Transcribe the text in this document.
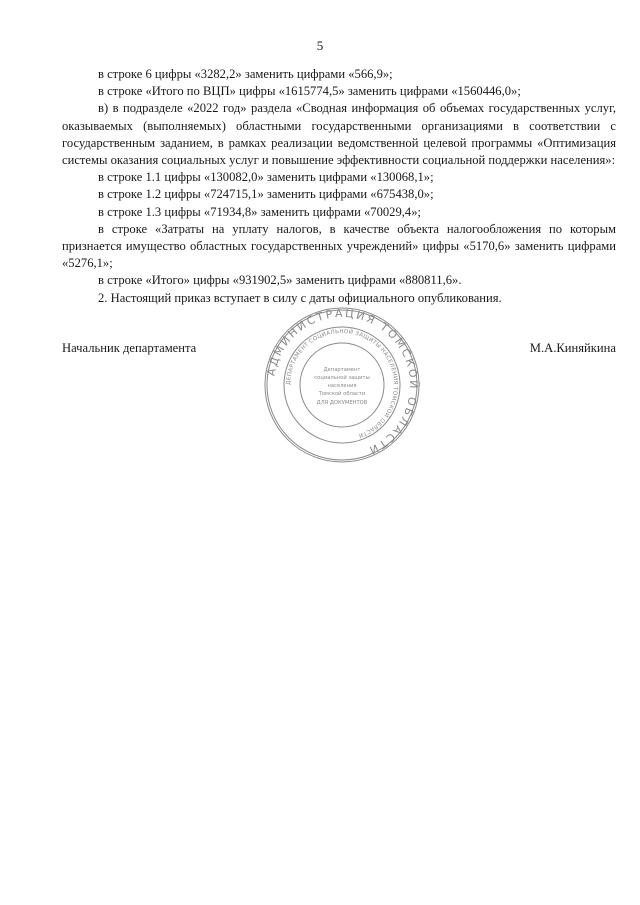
5

в строке 6 цифры «3282,2» заменить цифрами «566,9»;

в строке «Итого по ВЦП» цифры «1615774,5» заменить цифрами «1560446,0»;

в) в подразделе «2022 год» раздела «Сводная информация об объемах государственных услуг, оказываемых (выполняемых) областными государственными организациями в соответствии с государственным заданием, в рамках реализации ведомственной целевой программы «Оптимизация системы оказания социальных услуг и повышение эффективности социальной поддержки населения»:

в строке 1.1 цифры «130082,0» заменить цифрами «130068,1»;

в строке 1.2 цифры «724715,1» заменить цифрами «675438,0»;

в строке 1.3 цифры «71934,8» заменить цифрами «70029,4»;

в строке «Затраты на уплату налогов, в качестве объекта налогообложения по которым признается имущество областных государственных учреждений» цифры «5170,6» заменить цифрами «5276,1»;

в строке «Итого» цифры «931902,5» заменить цифрами «880811,6».

2. Настоящий приказ вступает в силу с даты официального опубликования.

АДМИНИСТРАЦИЯ ТОМСКОЙ ОБЛАСТИ
ДЕПАРТАМЕНТ СОЦИАЛЬНОЙ ЗАЩИТЫ НАСЕЛЕНИЯ ТОМСКОЙ ОБЛАСТИ
Департамент
социальной защиты
населения
Томской области
ДЛЯ ДОКУМЕНТОВ
Начальник департамента	М.А.Киняйкина
